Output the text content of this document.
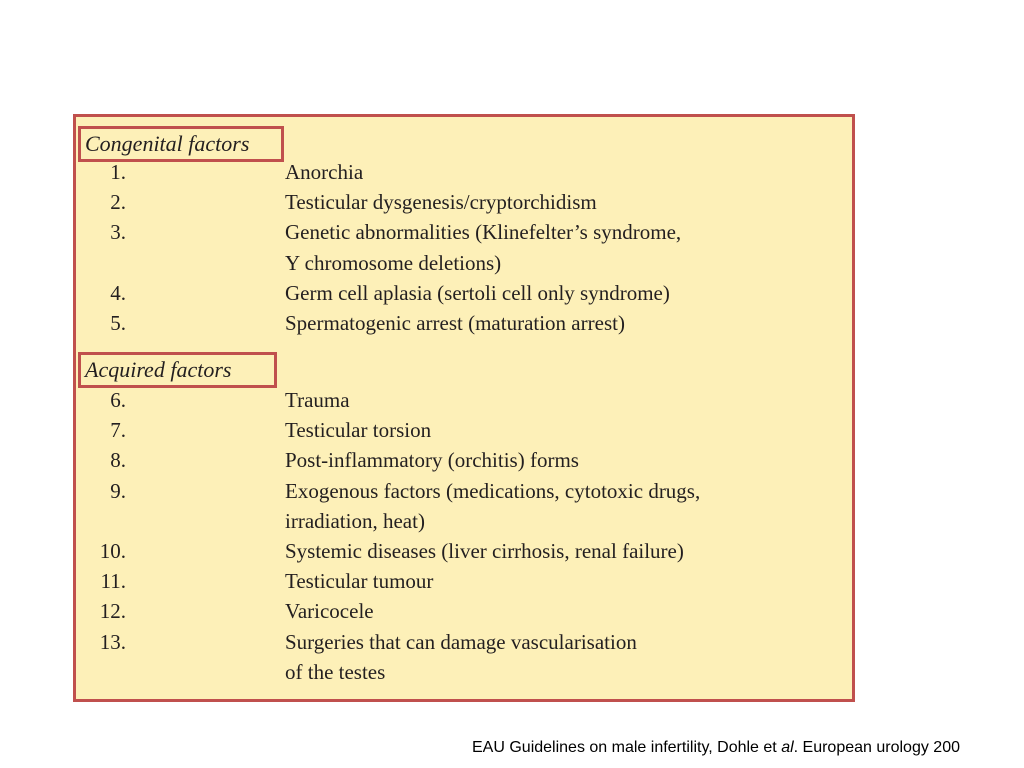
Congenital factors
Acquired factors
1.	Anorchia
2.	Testicular dysgenesis/cryptorchidism
3.	Genetic abnormalities (Klinefelter’s syndrome,
Y chromosome deletions)
4.	Germ cell aplasia (sertoli cell only syndrome)
5.	Spermatogenic arrest (maturation arrest)
6.	Trauma
7.	Testicular torsion
8.	Post-inflammatory (orchitis) forms
9.	Exogenous factors (medications, cytotoxic drugs,
irradiation, heat)
10.	Systemic diseases (liver cirrhosis, renal failure)
11.	Testicular tumour
12.	Varicocele
13.	Surgeries that can damage vascularisation
of the testes
EAU Guidelines on male infertility, Dohle et al. European urology 200
